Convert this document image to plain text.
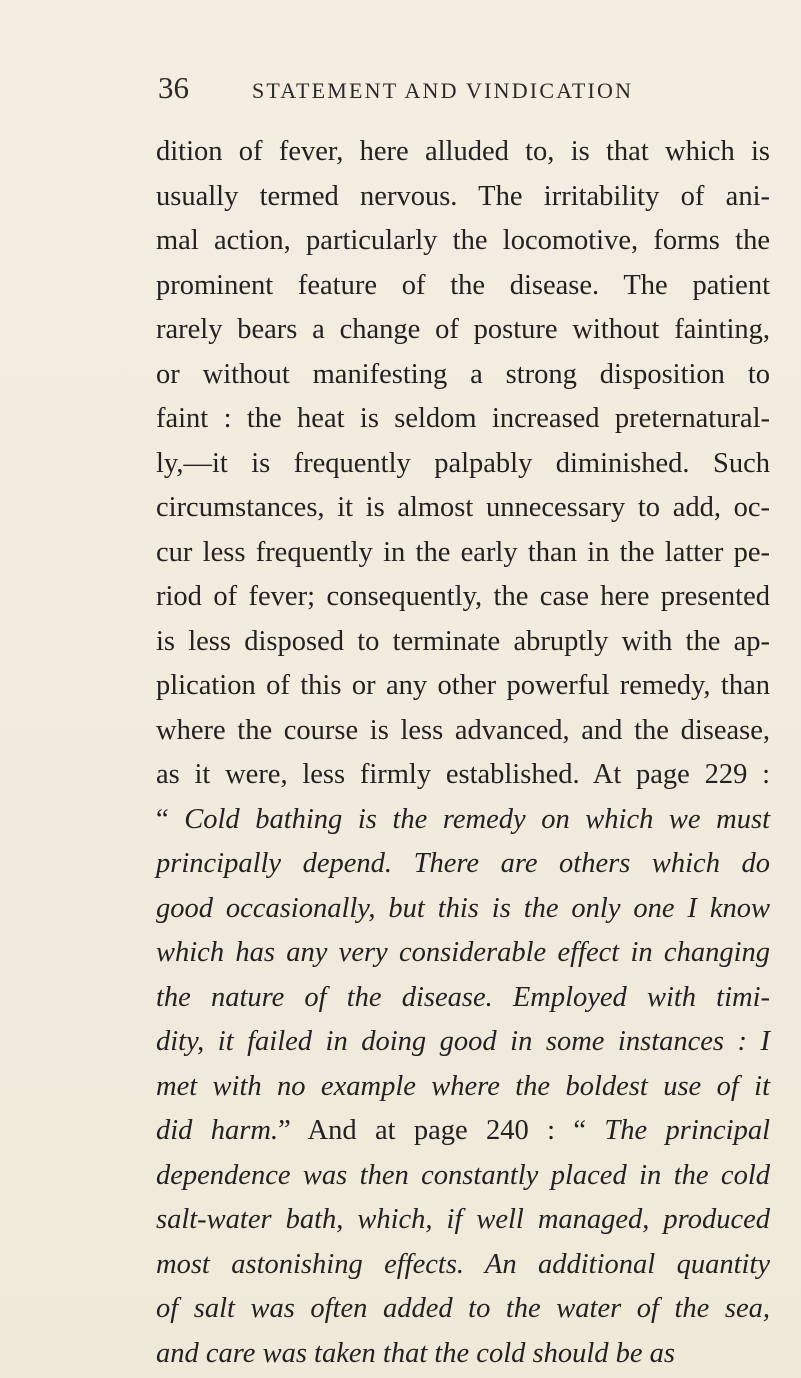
36	STATEMENT AND VINDICATION
dition of fever, here alluded to, is that which is
usually termed nervous. The irritability of ani-
mal action, particularly the locomotive, forms the
prominent feature of the disease. The patient
rarely bears a change of posture without fainting,
or without manifesting a strong disposition to
faint : the heat is seldom increased preternatural-
ly,—it is frequently palpably diminished. Such
circumstances, it is almost unnecessary to add, oc-
cur less frequently in the early than in the latter pe-
riod of fever; consequently, the case here presented
is less disposed to terminate abruptly with the ap-
plication of this or any other powerful remedy, than
where the course is less advanced, and the disease,
as it were, less firmly established. At page 229 :
“ Cold bathing is the remedy on which we must
principally depend. There are others which do
good occasionally, but this is the only one I know
which has any very considerable effect in changing
the nature of the disease. Employed with timi-
dity, it failed in doing good in some instances : I
met with no example where the boldest use of it
did harm.” And at page 240 : “ The principal
dependence was then constantly placed in the cold
salt-water bath, which, if well managed, produced
most astonishing effects. An additional quantity
of salt was often added to the water of the sea,
and care was taken that the cold should be as
